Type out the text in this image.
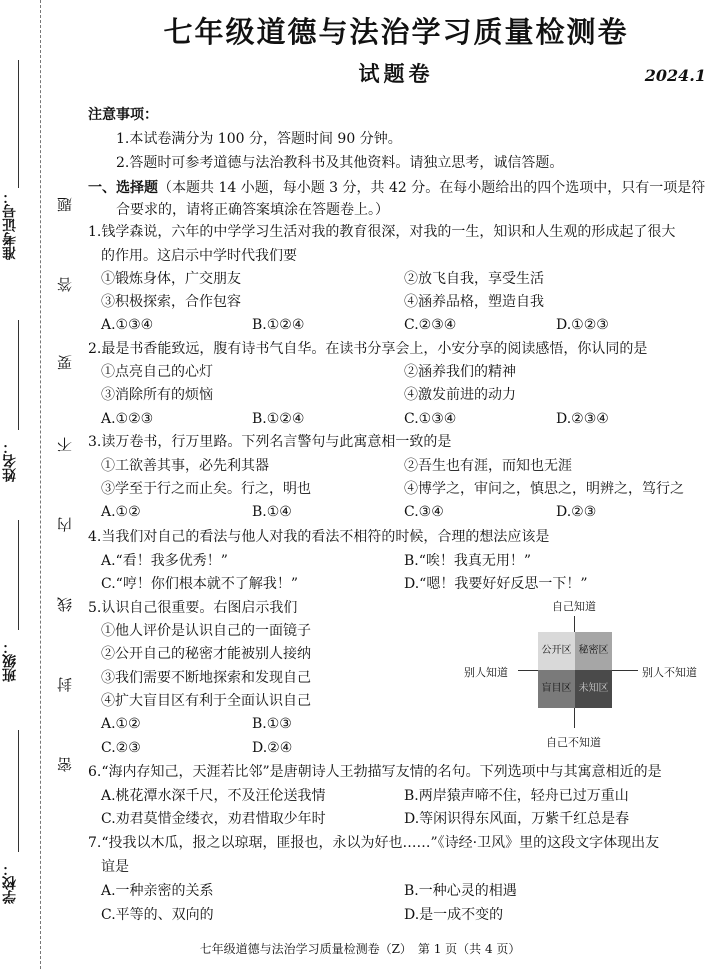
准考证号：
姓名：
班级：
学校：
题
答
要
不
内
线
封
密
七年级道德与法治学习质量检测卷
试题卷	2024.1
注意事项：
1.本试卷满分为 100 分，答题时间 90 分钟。
2.答题时可参考道德与法治教科书及其他资料。请独立思考，诚信答题。
一、选择题（本题共 14 小题，每小题 3 分，共 42 分。在每小题给出的四个选项中，只有一项是符
合要求的，请将正确答案填涂在答题卷上。）
1.钱学森说，六年的中学学习生活对我的教育很深，对我的一生，知识和人生观的形成起了很大
的作用。这启示中学时代我们要
①锻炼身体，广交朋友	②放飞自我，享受生活
③积极探索，合作包容	④涵养品格，塑造自我
A.①③④	B.①②④	C.②③④	D.①②③
2.最是书香能致远，腹有诗书气自华。在读书分享会上，小安分享的阅读感悟，你认同的是
①点亮自己的心灯	②涵养我们的精神
③消除所有的烦恼	④激发前进的动力
A.①②③	B.①②④	C.①③④	D.②③④
3.读万卷书，行万里路。下列名言警句与此寓意相一致的是
①工欲善其事，必先利其器	②吾生也有涯，而知也无涯
③学至于行之而止矣。行之，明也	④博学之，审问之，慎思之，明辨之，笃行之
A.①②	B.①④	C.③④	D.②③
4.当我们对自己的看法与他人对我的看法不相符的时候，合理的想法应该是
A.“看！我多优秀！”	B.“唉！我真无用！”
C.“哼！你们根本就不了解我！”	D.“嗯！我要好好反思一下！”
5.认识自己很重要。右图启示我们
①他人评价是认识自己的一面镜子
②公开自己的秘密才能被别人接纳
③我们需要不断地探索和发现自己
④扩大盲目区有利于全面认识自己
A.①②	B.①③
C.②③	D.②④
自己知道
公开区 秘密区
盲目区 未知区
别人知道	别人不知道
自己不知道
6.“海内存知己，天涯若比邻”是唐朝诗人王勃描写友情的名句。下列选项中与其寓意相近的是
A.桃花潭水深千尺，不及汪伦送我情	B.两岸猿声啼不住，轻舟已过万重山
C.劝君莫惜金缕衣，劝君惜取少年时	D.等闲识得东风面，万紫千红总是春
7.“投我以木瓜，报之以琼琚，匪报也，永以为好也……”《诗经·卫风》里的这段文字体现出友
谊是
A.一种亲密的关系	B.一种心灵的相遇
C.平等的、双向的	D.是一成不变的
七年级道德与法治学习质量检测卷（Z）　第 1 页（共 4 页）
